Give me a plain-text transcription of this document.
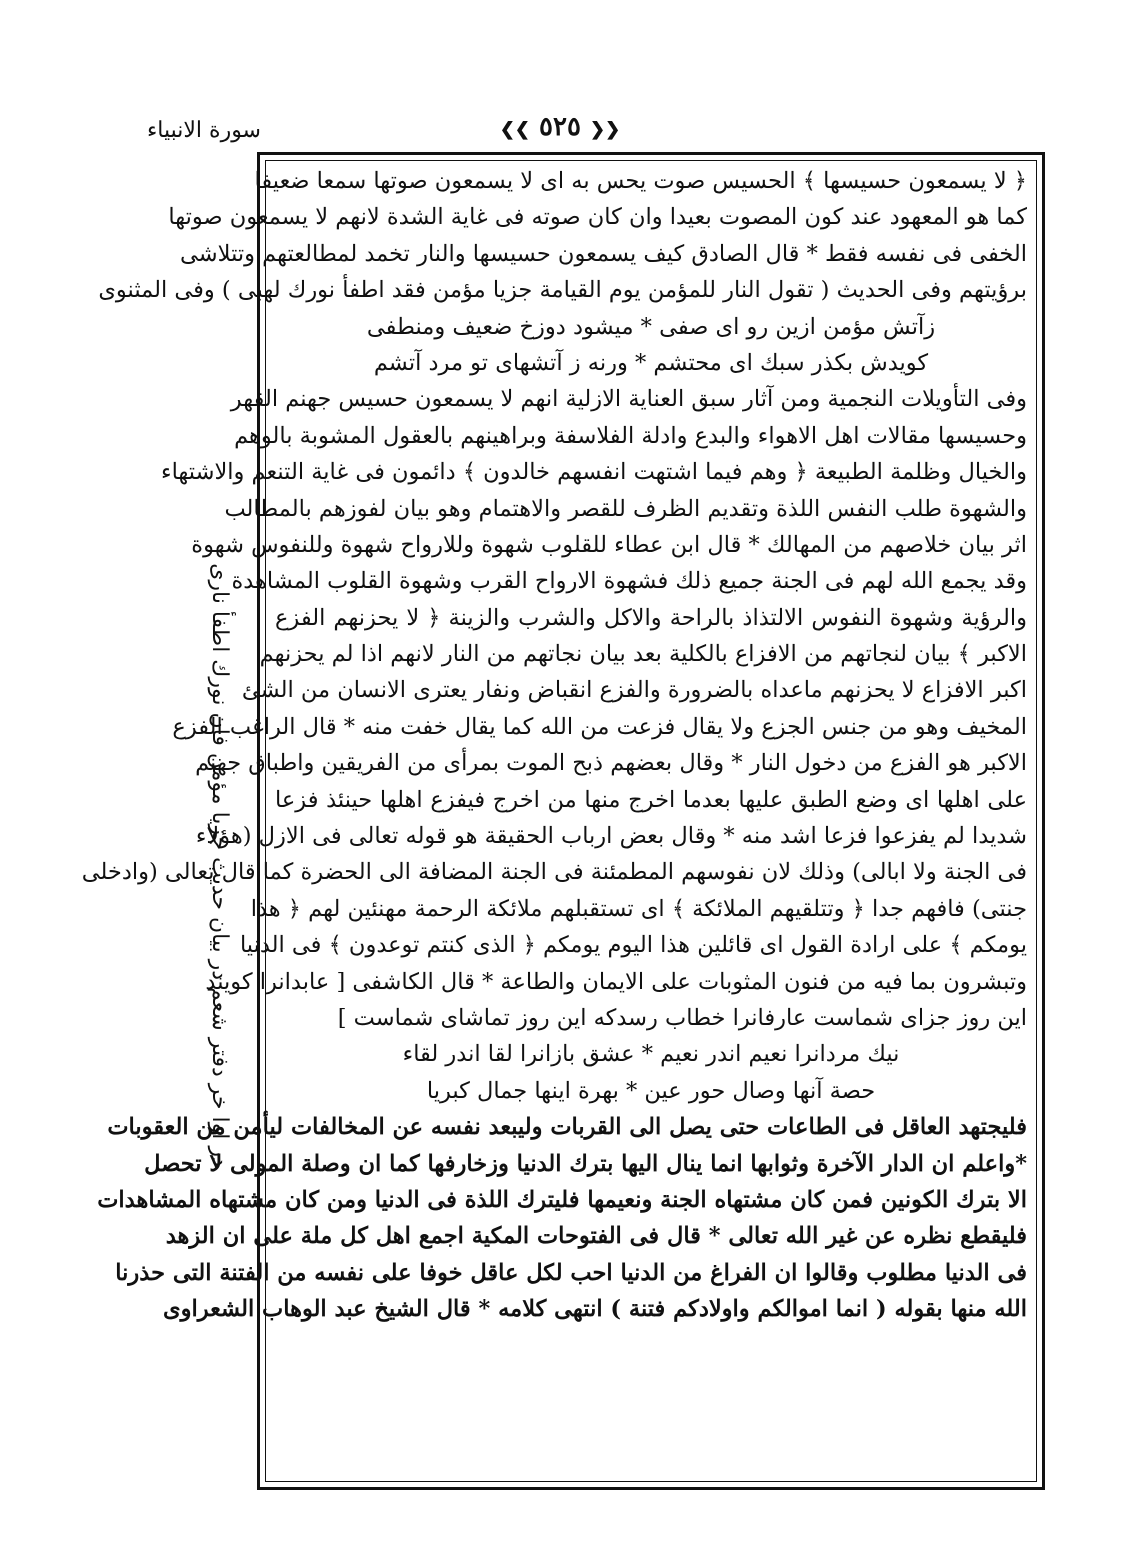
سورة الانبياء	❮❮ ٥٢٥ ❯❯
در اوا خر دفتر شعم در بيان حديث جزيا مؤمن فان نورك اطفأ نارى
﴿ لا يسمعون حسيسها ﴾ الحسيس صوت يحس به اى لا يسمعون صوتها سمعا ضعيفا
كما هو المعهود عند كون المصوت بعيدا وان كان صوته فى غاية الشدة لانهم لا يسمعون صوتها
الخفى فى نفسه فقط * قال الصادق كيف يسمعون حسيسها والنار تخمد لمطالعتهم وتتلاشى
برؤيتهم وفى الحديث ( تقول النار للمؤمن يوم القيامة جزيا مؤمن فقد اطفأ نورك لهبى ) وفى المثنوى
زآتش مؤمن ازين رو اى صفى * ميشود دوزخ ضعيف ومنطفى
كويدش بكذر سبك اى محتشم * ورنه ز آتشهاى تو مرد آتشم
وفى التأويلات النجمية ومن آثار سبق العناية الازلية انهم لا يسمعون حسيس جهنم القهر
وحسيسها مقالات اهل الاهواء والبدع وادلة الفلاسفة وبراهينهم بالعقول المشوبة بالوهم
والخيال وظلمة الطبيعة ﴿ وهم فيما اشتهت انفسهم خالدون ﴾ دائمون فى غاية التنعم والاشتهاء
والشهوة طلب النفس اللذة وتقديم الظرف للقصر والاهتمام وهو بيان لفوزهم بالمطالب
اثر بيان خلاصهم من المهالك * قال ابن عطاء للقلوب شهوة وللارواح شهوة وللنفوس شهوة
وقد يجمع الله لهم فى الجنة جميع ذلك فشهوة الارواح القرب وشهوة القلوب المشاهدة
والرؤية وشهوة النفوس الالتذاذ بالراحة والاكل والشرب والزينة ﴿ لا يحزنهم الفزع
الاكبر ﴾ بيان لنجاتهم من الافزاع بالكلية بعد بيان نجاتهم من النار لانهم اذا لم يحزنهم
اكبر الافزاع لا يحزنهم ماعداه بالضرورة والفزع انقباض ونفار يعترى الانسان من الشئ
المخيف وهو من جنس الجزع ولا يقال فزعت من الله كما يقال خفت منه * قال الراغب الفزع
الاكبر هو الفزع من دخول النار * وقال بعضهم ذبح الموت بمرأى من الفريقين واطباق جهنم
على اهلها اى وضع الطبق عليها بعدما اخرج منها من اخرج فيفزع اهلها حينئذ فزعا
شديدا لم يفزعوا فزعا اشد منه * وقال بعض ارباب الحقيقة هو قوله تعالى فى الازل (هؤلاء
فى الجنة ولا ابالى) وذلك لان نفوسهم المطمئنة فى الجنة المضافة الى الحضرة كما قال تعالى (وادخلى
جنتى) فافهم جدا ﴿ وتتلقيهم الملائكة ﴾ اى تستقبلهم ملائكة الرحمة مهنئين لهم ﴿ هذا
يومكم ﴾ على ارادة القول اى قائلين هذا اليوم يومكم ﴿ الذى كنتم توعدون ﴾ فى الدنيا
وتبشرون بما فيه من فنون المثوبات على الايمان والطاعة * قال الكاشفى [ عابدانرا كويند
اين روز جزاى شماست عارفانرا خطاب رسدكه اين روز تماشاى شماست ]
نيك مردانرا نعيم اندر نعيم * عشق بازانرا لقا اندر لقاء
حصة آنها وصال حور عين * بهرة اينها جمال كبريا
فليجتهد العاقل فى الطاعات حتى يصل الى القربات وليبعد نفسه عن المخالفات ليأمن من العقوبات
*واعلم ان الدار الآخرة وثوابها انما ينال اليها بترك الدنيا وزخارفها كما ان وصلة المولى لا تحصل
الا بترك الكونين فمن كان مشتهاه الجنة ونعيمها فليترك اللذة فى الدنيا ومن كان مشتهاه المشاهدات
فليقطع نظره عن غير الله تعالى * قال فى الفتوحات المكية اجمع اهل كل ملة على ان الزهد
فى الدنيا مطلوب وقالوا ان الفراغ من الدنيا احب لكل عاقل خوفا على نفسه من الفتنة التى حذرنا
الله منها بقوله ( انما اموالكم واولادكم فتنة ) انتهى كلامه * قال الشيخ عبد الوهاب الشعراوى
